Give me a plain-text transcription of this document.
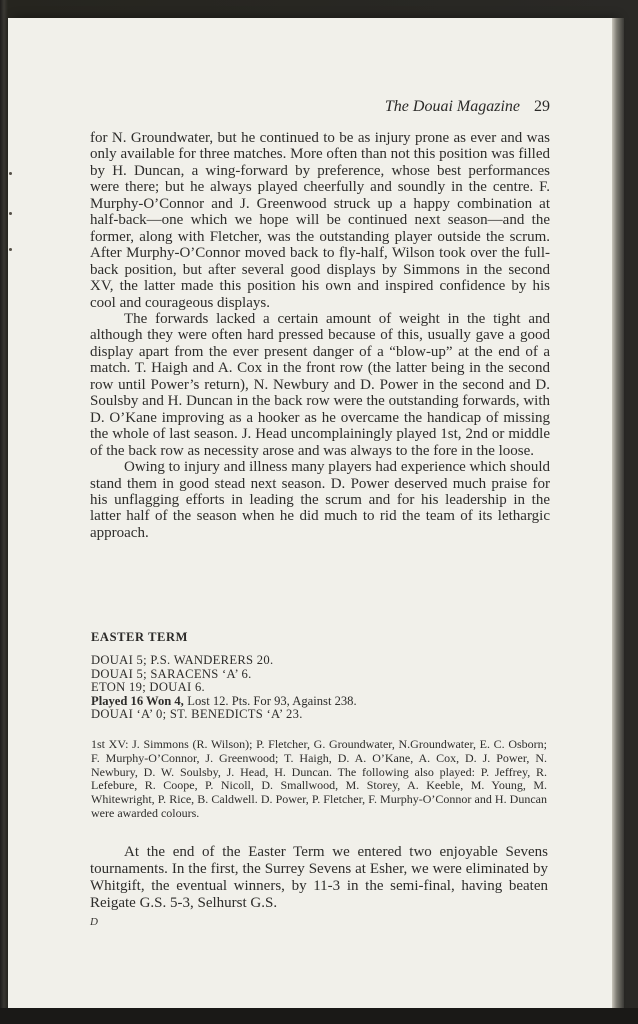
The Douai Magazine 29

for N. Groundwater, but he continued to be as injury prone as ever and was only available for three matches. More often than not this position was filled by H. Duncan, a wing-forward by preference, whose best performances were there; but he always played cheerfully and soundly in the centre. F. Murphy-O’Connor and J. Greenwood struck up a happy combination at half-back—one which we hope will be continued next season—and the former, along with Fletcher, was the outstanding player outside the scrum. After Murphy-O’Connor moved back to fly-half, Wilson took over the full-back position, but after several good displays by Simmons in the second XV, the latter made this position his own and inspired confidence by his cool and courageous displays.

The forwards lacked a certain amount of weight in the tight and although they were often hard pressed because of this, usually gave a good display apart from the ever present danger of a “blow-up” at the end of a match. T. Haigh and A. Cox in the front row (the latter being in the second row until Power’s return), N. Newbury and D. Power in the second and D. Soulsby and H. Duncan in the back row were the outstanding forwards, with D. O’Kane improving as a hooker as he overcame the handicap of missing the whole of last season. J. Head uncomplainingly played 1st, 2nd or middle of the back row as necessity arose and was always to the fore in the loose.

Owing to injury and illness many players had experience which should stand them in good stead next season. D. Power deserved much praise for his unflagging efforts in leading the scrum and for his leadership in the latter half of the season when he did much to rid the team of its lethargic approach.

EASTER TERM
DOUAI 5; P.S. WANDERERS 20.
DOUAI 5; SARACENS ‘A’ 6.
ETON 19; DOUAI 6.
Played 16 Won 4, Lost 12. Pts. For 93, Against 238.
DOUAI ‘A’ 0; ST. BENEDICTS ‘A’ 23.
1st XV: J. Simmons (R. Wilson); P. Fletcher, G. Groundwater, N.Groundwater, E. C. Osborn; F. Murphy-O’Connor, J. Greenwood; T. Haigh, D. A. O’Kane, A. Cox, D. J. Power, N. Newbury, D. W. Soulsby, J. Head, H. Duncan. The following also played: P. Jeffrey, R. Lefebure, R. Coope, P. Nicoll, D. Smallwood, M. Storey, A. Keeble, M. Young, M. Whitewright, P. Rice, B. Caldwell. D. Power, P. Fletcher, F. Murphy-O’Connor and H. Duncan were awarded colours.

At the end of the Easter Term we entered two enjoyable Sevens tournaments. In the first, the Surrey Sevens at Esher, we were eliminated by Whitgift, the eventual winners, by 11-3 in the semi-final, having beaten Reigate G.S. 5-3, Selhurst G.S.

D
